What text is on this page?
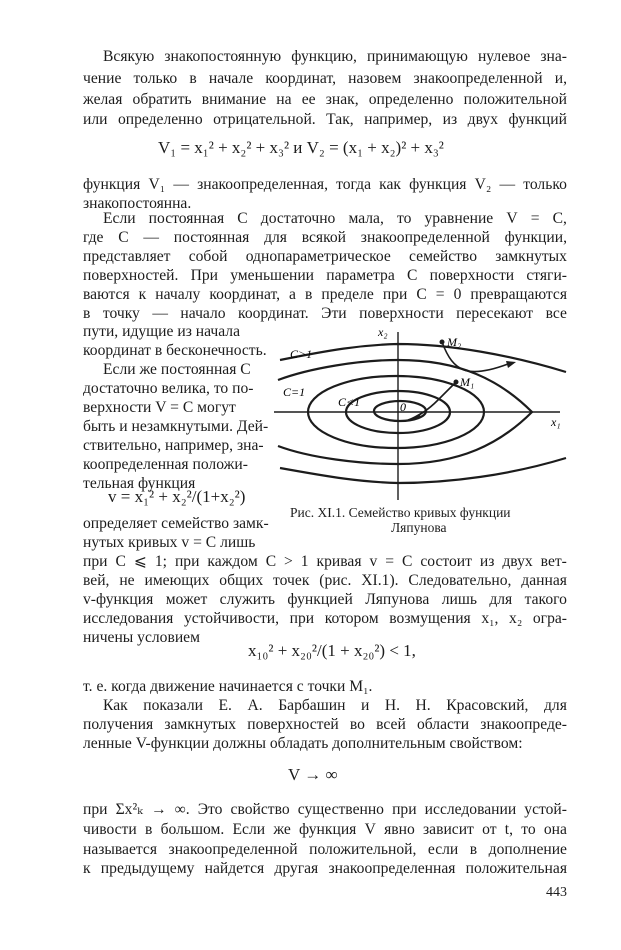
Всякую знакопостоянную функцию, принимающую нулевое зна-
чение только в начале координат, назовем знакоопределенной и,
желая обратить внимание на ее знак, определенно положительной
или определенно отрицательной. Так, например, из двух функций
V₁ = x₁² + x₂² + x₃² и V₂ = (x₁ + x₂)² + x₃²
функция V₁ — знакоопределенная, тогда как функция V₂ — только
знакопостоянна.
Если постоянная C достаточно мала, то уравнение V = C,
где C — постоянная для всякой знакоопределенной функции,
представляет собой однопараметрическое семейство замкнутых
поверхностей. При уменьшении параметра C поверхности стяги-
ваются к началу координат, а в пределе при C = 0 превращаются
в точку — начало координат. Эти поверхности пересекают все
пути, идущие из начала
координат в бесконечность.
Если же постоянная C
достаточно велика, то по-
верхности V = C могут
быть и незамкнутыми. Дей-
ствительно, например, зна-
коопределенная положи-
тельная функция
v = x₁² + x₂²/(1+x₂²)
определяет семейство замк-
нутых кривых v = C лишь
x₂
x₁
M₂
M₁
0
C>1
C=1
C<1
Рис. XI.1. Семейство кривых функции
Ляпунова
при C ⩽ 1; при каждом C > 1 кривая v = C состоит из двух вет-
вей, не имеющих общих точек (рис. XI.1). Следовательно, данная
v-функция может служить функцией Ляпунова лишь для такого
исследования устойчивости, при котором возмущения x₁, x₂ огра-
ничены условием
x₁₀² + x₂₀²/(1 + x₂₀²) < 1,
т. е. когда движение начинается с точки M₁.
Как показали Е. А. Барбашин и Н. Н. Красовский, для
получения замкнутых поверхностей во всей области знакоопреде-
ленные V-функции должны обладать дополнительным свойством:
V → ∞
при Σx²ₖ → ∞. Это свойство существенно при исследовании устой-
чивости в большом. Если же функция V явно зависит от t, то она
называется знакоопределенной положительной, если в дополнение
к предыдущему найдется другая знакоопределенная положительная
443
